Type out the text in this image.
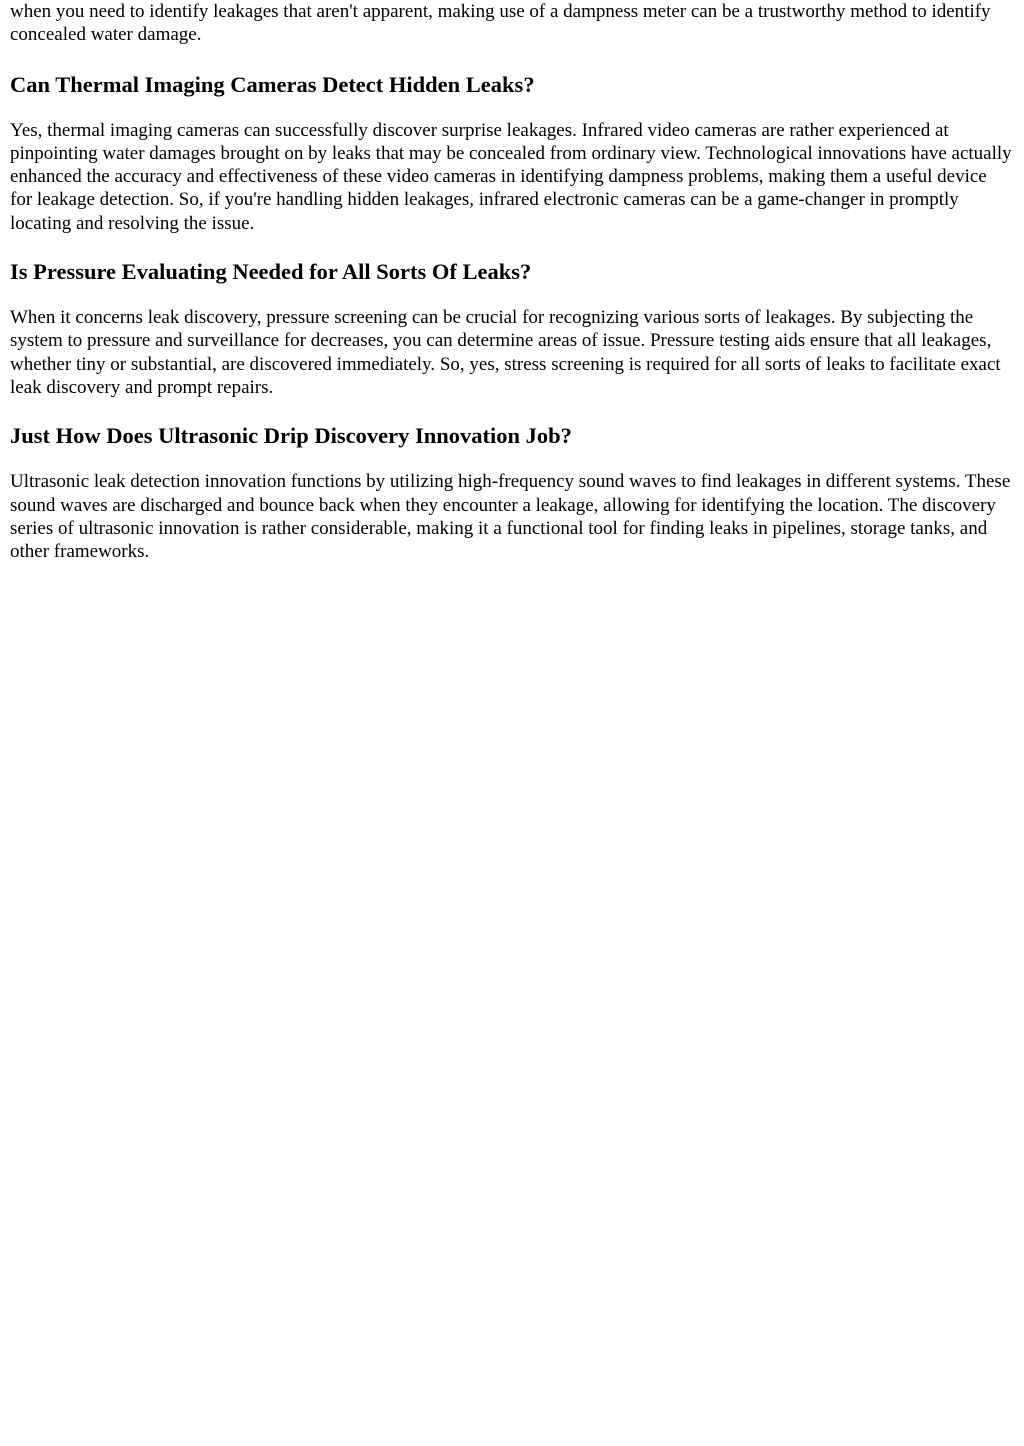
when you need to identify leakages that aren't apparent, making use of a dampness meter can be a trustworthy method to identify concealed water damage.

Can Thermal Imaging Cameras Detect Hidden Leaks?

Yes, thermal imaging cameras can successfully discover surprise leakages. Infrared video cameras are rather experienced at pinpointing water damages brought on by leaks that may be concealed from ordinary view. Technological innovations have actually enhanced the accuracy and effectiveness of these video cameras in identifying dampness problems, making them a useful device for leakage detection. So, if you're handling hidden leakages, infrared electronic cameras can be a game-changer in promptly locating and resolving the issue.

Is Pressure Evaluating Needed for All Sorts Of Leaks?

When it concerns leak discovery, pressure screening can be crucial for recognizing various sorts of leakages. By subjecting the system to pressure and surveillance for decreases, you can determine areas of issue. Pressure testing aids ensure that all leakages, whether tiny or substantial, are discovered immediately. So, yes, stress screening is required for all sorts of leaks to facilitate exact leak discovery and prompt repairs.

Just How Does Ultrasonic Drip Discovery Innovation Job?

Ultrasonic leak detection innovation functions by utilizing high-frequency sound waves to find leakages in different systems. These sound waves are discharged and bounce back when they encounter a leakage, allowing for identifying the location. The discovery series of ultrasonic innovation is rather considerable, making it a functional tool for finding leaks in pipelines, storage tanks, and other frameworks.
